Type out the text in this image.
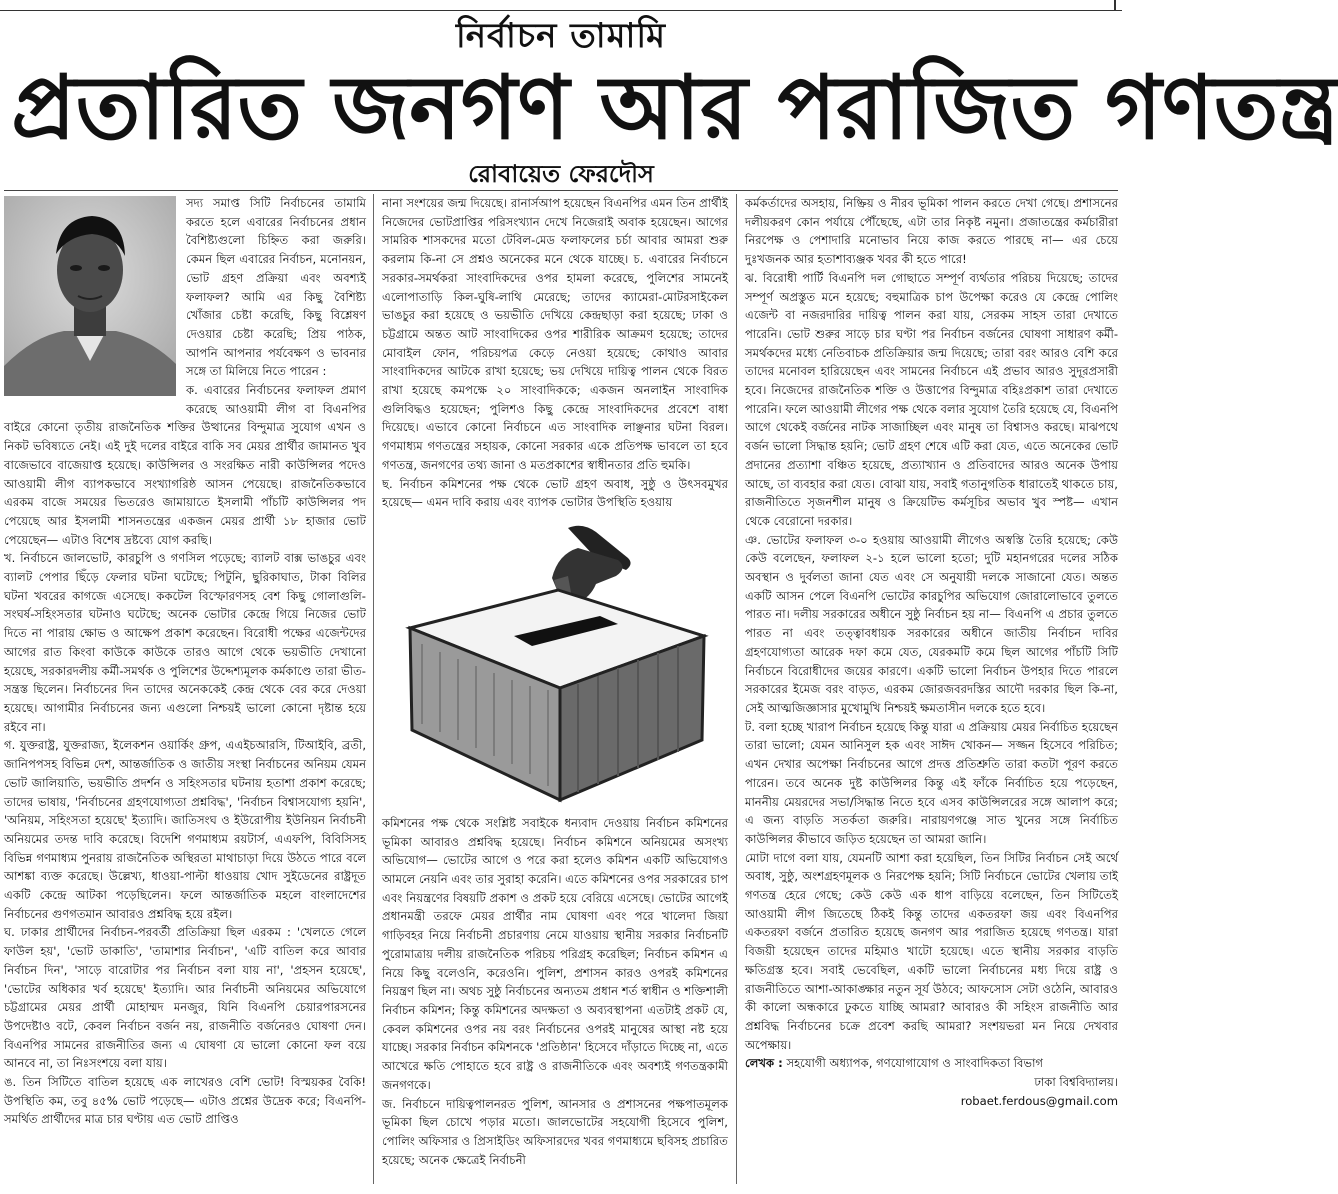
নির্বাচন তামামি
প্রতারিত জনগণ আর পরাজিত গণতন্ত্র
রোবায়েত ফেরদৌস

সদ্য সমাপ্ত সিটি নির্বাচনের তামামি করতে হলে এবারের নির্বাচনের প্রধান বৈশিষ্ট্যগুলো চিহ্নিত করা জরুরি। কেমন ছিল এবারের নির্বাচন, মনোনয়ন, ভোট গ্রহণ প্রক্রিয়া এবং অবশ্যই ফলাফল? আমি এর কিছু বৈশিষ্ট্য খোঁজার চেষ্টা করেছি, কিছু বিশ্লেষণ দেওয়ার চেষ্টা করেছি; প্রিয় পাঠক, আপনি আপনার পর্যবেক্ষণ ও ভাবনার সঙ্গে তা মিলিয়ে নিতে পারেন :

ক. এবারের নির্বাচনের ফলাফল প্রমাণ করেছে আওয়ামী লীগ বা বিএনপির বাইরে কোনো তৃতীয় রাজনৈতিক শক্তির উত্থানের বিন্দুমাত্র সুযোগ এখন ও নিকট ভবিষ্যতে নেই। এই দুই দলের বাইরে বাকি সব মেয়র প্রার্থীর জামানত খুব বাজেভাবে বাজেয়াপ্ত হয়েছে। কাউন্সিলর ও সংরক্ষিত নারী কাউন্সিলর পদেও আওয়ামী লীগ ব্যাপকভাবে সংখ্যাগরিষ্ঠ আসন পেয়েছে। রাজনৈতিকভাবে এরকম বাজে সময়ের ভিতরেও জামায়াতে ইসলামী পাঁচটি কাউন্সিলর পদ পেয়েছে আর ইসলামী শাসনতন্ত্রের একজন মেয়র প্রার্থী ১৮ হাজার ভোট পেয়েছেন— এটাও বিশেষ দ্রষ্টব্যে যোগ করছি।

খ. নির্বাচনে জালভোট, কারচুপি ও গণসিল পড়েছে; ব্যালট বাক্স ভাঙচুর এবং ব্যালট পেপার ছিঁড়ে ফেলার ঘটনা ঘটেছে; পিটুনি, ছুরিকাঘাত, টাকা বিলির ঘটনা খবরের কাগজে এসেছে। ককটেল বিস্ফোরণসহ বেশ কিছু গোলাগুলি-সংঘর্ষ-সহিংসতার ঘটনাও ঘটেছে; অনেক ভোটার কেন্দ্রে গিয়ে নিজের ভোট দিতে না পারায় ক্ষোভ ও আক্ষেপ প্রকাশ করেছেন। বিরোধী পক্ষের এজেন্টদের আগের রাত কিংবা কাউকে কাউকে তারও আগে থেকে ভয়ভীতি দেখানো হয়েছে, সরকারদলীয় কর্মী-সমর্থক ও পুলিশের উদ্দেশ্যমূলক কর্মকাণ্ডে তারা ভীত-সন্ত্রস্ত ছিলেন। নির্বাচনের দিন তাদের অনেককেই কেন্দ্র থেকে বের করে দেওয়া হয়েছে। আগামীর নির্বাচনের জন্য এগুলো নিশ্চয়ই ভালো কোনো দৃষ্টান্ত হয়ে রইবে না।

গ. যুক্তরাষ্ট্র, যুক্তরাজ্য, ইলেকশন ওয়ার্কিং গ্রুপ, এএইচআরসি, টিআইবি, ব্রতী, জানিপপসহ বিভিন্ন দেশ, আন্তর্জাতিক ও জাতীয় সংস্থা নির্বাচনের অনিয়ম যেমন ভোট জালিয়াতি, ভয়ভীতি প্রদর্শন ও সহিংসতার ঘটনায় হতাশা প্রকাশ করেছে; তাদের ভাষায়, 'নির্বাচনের গ্রহণযোগ্যতা প্রশ্নবিদ্ধ', 'নির্বাচন বিশ্বাসযোগ্য হয়নি', 'অনিয়ম, সহিংসতা হয়েছে' ইত্যাদি। জাতিসংঘ ও ইউরোপীয় ইউনিয়ন নির্বাচনী অনিয়মের তদন্ত দাবি করেছে। বিদেশি গণমাধ্যম রয়টার্স, এএফপি, বিবিসিসহ বিভিন্ন গণমাধ্যম পুনরায় রাজনৈতিক অস্থিরতা মাথাচাড়া দিয়ে উঠতে পারে বলে আশঙ্কা ব্যক্ত করেছে। উল্লেখ্য, ধাওয়া-পাল্টা ধাওয়ায় খোদ সুইডেনের রাষ্ট্রদূত একটি কেন্দ্রে আটকা পড়েছিলেন। ফলে আন্তর্জাতিক মহলে বাংলাদেশের নির্বাচনের গুণগতমান আবারও প্রশ্নবিদ্ধ হয়ে রইল।

ঘ. ঢাকার প্রার্থীদের নির্বাচন-পরবর্তী প্রতিক্রিয়া ছিল এরকম : 'খেলতে গেলে ফাউল হয়', 'ভোট ডাকাতি', 'তামাশার নির্বাচন', 'এটি বাতিল করে আবার নির্বাচন দিন', 'সাড়ে বারোটার পর নির্বাচন বলা যায় না', 'প্রহসন হয়েছে', 'ভোটের অধিকার খর্ব হয়েছে' ইত্যাদি। আর নির্বাচনী অনিয়মের অভিযোগে চট্টগ্রামের মেয়র প্রার্থী মোহাম্মদ মনজুর, যিনি বিএনপি চেয়ারপারসনের উপদেষ্টাও বটে, কেবল নির্বাচন বর্জন নয়, রাজনীতি বর্জনেরও ঘোষণা দেন। বিএনপির সামনের রাজনীতির জন্য এ ঘোষণা যে ভালো কোনো ফল বয়ে আনবে না, তা নিঃসংশয়ে বলা যায়।

ঙ. তিন সিটিতে বাতিল হয়েছে এক লাখেরও বেশি ভোট! বিস্ময়কর বৈকি! উপস্থিতি কম, তবু ৪৫% ভোট পড়েছে— এটাও প্রশ্নের উদ্রেক করে; বিএনপি-সমর্থিত প্রার্থীদের মাত্র চার ঘণ্টায় এত ভোট প্রাপ্তিও

নানা সংশয়ের জন্ম দিয়েছে। রানার্সআপ হয়েছেন বিএনপির এমন তিন প্রার্থীই নিজেদের ভোটপ্রাপ্তির পরিসংখ্যান দেখে নিজেরাই অবাক হয়েছেন। আগের সামরিক শাসকদের মতো টেবিল-মেড ফলাফলের চর্চা আবার আমরা শুরু করলাম কি-না সে প্রশ্নও অনেকের মনে থেকে যাচ্ছে। চ. এবারের নির্বাচনে সরকার-সমর্থকরা সাংবাদিকদের ওপর হামলা করেছে, পুলিশের সামনেই এলোপাতাড়ি কিল-ঘুষি-লাথি মেরেছে; তাদের ক্যামেরা-মোটরসাইকেল ভাঙচুর করা হয়েছে ও ভয়ভীতি দেখিয়ে কেন্দ্রছাড়া করা হয়েছে; ঢাকা ও চট্টগ্রামে অন্তত আট সাংবাদিকের ওপর শারীরিক আক্রমণ হয়েছে; তাদের মোবাইল ফোন, পরিচয়পত্র কেড়ে নেওয়া হয়েছে; কোথাও আবার সাংবাদিকদের আটকে রাখা হয়েছে; ভয় দেখিয়ে দায়িত্ব পালন থেকে বিরত রাখা হয়েছে কমপক্ষে ২০ সাংবাদিককে; একজন অনলাইন সাংবাদিক গুলিবিদ্ধও হয়েছেন; পুলিশও কিছু কেন্দ্রে সাংবাদিকদের প্রবেশে বাধা দিয়েছে। এভাবে কোনো নির্বাচনে এত সাংবাদিক লাঞ্ছনার ঘটনা বিরল। গণমাধ্যম গণতন্ত্রের সহায়ক, কোনো সরকার একে প্রতিপক্ষ ভাবলে তা হবে গণতন্ত্র, জনগণের তথ্য জানা ও মতপ্রকাশের স্বাধীনতার প্রতি হুমকি।

ছ. নির্বাচন কমিশনের পক্ষ থেকে ভোট গ্রহণ অবাধ, সুষ্ঠু ও উৎসবমুখর হয়েছে— এমন দাবি করায় এবং ব্যাপক ভোটার উপস্থিতি হওয়ায়

কমিশনের পক্ষ থেকে সংশ্লিষ্ট সবাইকে ধন্যবাদ দেওয়ায় নির্বাচন কমিশনের ভূমিকা আবারও প্রশ্নবিদ্ধ হয়েছে। নির্বাচন কমিশনে অনিয়মের অসংখ্য অভিযোগ— ভোটের আগে ও পরে করা হলেও কমিশন একটি অভিযোগও আমলে নেয়নি এবং তার সুরাহা করেনি। এতে কমিশনের ওপর সরকারের চাপ এবং নিয়ন্ত্রণের বিষয়টি প্রকাশ ও প্রকট হয়ে বেরিয়ে এসেছে। ভোটের আগেই প্রধানমন্ত্রী তরফে মেয়র প্রার্থীর নাম ঘোষণা এবং পরে খালেদা জিয়া গাড়িবহর নিয়ে নির্বাচনী প্রচারণায় নেমে যাওয়ায় স্থানীয় সরকার নির্বাচনটি পুরোমাত্রায় দলীয় রাজনৈতিক পরিচয় পরিগ্রহ করেছিল; নির্বাচন কমিশন এ নিয়ে কিছু বলেওনি, করেওনি। পুলিশ, প্রশাসন কারও ওপরই কমিশনের নিয়ন্ত্রণ ছিল না। অথচ সুষ্ঠু নির্বাচনের অন্যতম প্রধান শর্ত স্বাধীন ও শক্তিশালী নির্বাচন কমিশন; কিন্তু কমিশনের অদক্ষতা ও অব্যবস্থাপনা এতটাই প্রকট যে, কেবল কমিশনের ওপর নয় বরং নির্বাচনের ওপরই মানুষের আস্থা নষ্ট হয়ে যাচ্ছে। সরকার নির্বাচন কমিশনকে 'প্রতিষ্ঠান' হিসেবে দাঁড়াতে দিচ্ছে না, এতে আখেরে ক্ষতি পোহাতে হবে রাষ্ট্র ও রাজনীতিকে এবং অবশ্যই গণতন্ত্রকামী জনগণকে।

জ. নির্বাচনে দায়িত্বপালনরত পুলিশ, আনসার ও প্রশাসনের পক্ষপাতমূলক ভূমিকা ছিল চোখে পড়ার মতো। জালভোটের সহযোগী হিসেবে পুলিশ, পোলিং অফিসার ও প্রিসাইডিং অফিসারদের খবর গণমাধ্যমে ছবিসহ প্রচারিত হয়েছে; অনেক ক্ষেত্রেই নির্বাচনী

কর্মকর্তাদের অসহায়, নিষ্ক্রিয় ও নীরব ভূমিকা পালন করতে দেখা গেছে। প্রশাসনের দলীয়করণ কোন পর্যায়ে পৌঁছেছে, এটা তার নিকৃষ্ট নমুনা। প্রজাতন্ত্রের কর্মচারীরা নিরপেক্ষ ও পেশাদারি মনোভাব নিয়ে কাজ করতে পারছে না— এর চেয়ে দুঃখজনক আর হতাশাব্যঞ্জক খবর কী হতে পারে!

ঝ. বিরোধী পার্টি বিএনপি দল গোছাতে সম্পূর্ণ ব্যর্থতার পরিচয় দিয়েছে; তাদের সম্পূর্ণ অপ্রস্তুত মনে হয়েছে; বহুমাত্রিক চাপ উপেক্ষা করেও যে কেন্দ্রে পোলিং এজেন্ট বা নজরদারির দায়িত্ব পালন করা যায়, সেরকম সাহস তারা দেখাতে পারেনি। ভোট শুরুর সাড়ে চার ঘণ্টা পর নির্বাচন বর্জনের ঘোষণা সাধারণ কর্মী-সমর্থকদের মধ্যে নেতিবাচক প্রতিক্রিয়ার জন্ম দিয়েছে; তারা বরং আরও বেশি করে তাদের মনোবল হারিয়েছেন এবং সামনের নির্বাচনে এই প্রভাব আরও সুদূরপ্রসারী হবে। নিজেদের রাজনৈতিক শক্তি ও উত্তাপের বিন্দুমাত্র বহিঃপ্রকাশ তারা দেখাতে পারেনি। ফলে আওয়ামী লীগের পক্ষ থেকে বলার সুযোগ তৈরি হয়েছে যে, বিএনপি আগে থেকেই বর্জনের নাটক সাজাচ্ছিল এবং মানুষ তা বিশ্বাসও করছে। মাঝপথে বর্জন ভালো সিদ্ধান্ত হয়নি; ভোট গ্রহণ শেষে এটি করা যেত, এতে অনেকের ভোট প্রদানের প্রত্যাশা বঞ্চিত হয়েছে, প্রত্যাখ্যান ও প্রতিবাদের আরও অনেক উপায় আছে, তা ব্যবহার করা যেত। বোঝা যায়, সবাই গতানুগতিক ধারাতেই থাকতে চায়, রাজনীতিতে সৃজনশীল মানুষ ও ক্রিয়েটিভ কর্মসূচির অভাব খুব স্পষ্ট— এখান থেকে বেরোনো দরকার।

ঞ. ভোটের ফলাফল ৩-০ হওয়ায় আওয়ামী লীগেও অস্বস্তি তৈরি হয়েছে; কেউ কেউ বলেছেন, ফলাফল ২-১ হলে ভালো হতো; দুটি মহানগরের দলের সঠিক অবস্থান ও দুর্বলতা জানা যেত এবং সে অনুযায়ী দলকে সাজানো যেত। অন্তত একটি আসন পেলে বিএনপি ভোটের কারচুপির অভিযোগ জোরালোভাবে তুলতে পারত না। দলীয় সরকারের অধীনে সুষ্ঠু নির্বাচন হয় না— বিএনপি এ প্রচার তুলতে পারত না এবং তত্ত্বাবধায়ক সরকারের অধীনে জাতীয় নির্বাচন দাবির গ্রহণযোগ্যতা আরেক দফা কমে যেত, যেরকমটি কমে ছিল আগের পাঁচটি সিটি নির্বাচনে বিরোধীদের জয়ের কারণে। একটি ভালো নির্বাচন উপহার দিতে পারলে সরকারের ইমেজ বরং বাড়ত, এরকম জোরজবরদস্তির আদৌ দরকার ছিল কি-না, সেই আত্মজিজ্ঞাসার মুখোমুখি নিশ্চয়ই ক্ষমতাসীন দলকে হতে হবে।

ট. বলা হচ্ছে খারাপ নির্বাচন হয়েছে কিন্তু যারা এ প্রক্রিয়ায় মেয়র নির্বাচিত হয়েছেন তারা ভালো; যেমন আনিসুল হক এবং সাঈদ খোকন— সজ্জন হিসেবে পরিচিত; এখন দেখার অপেক্ষা নির্বাচনের আগে প্রদত্ত প্রতিশ্রুতি তারা কতটা পূরণ করতে পারেন। তবে অনেক দুষ্ট কাউন্সিলর কিন্তু এই ফাঁকে নির্বাচিত হয়ে পড়েছেন, মাননীয় মেয়রদের সভা/সিদ্ধান্ত নিতে হবে এসব কাউন্সিলরের সঙ্গে আলাপ করে; এ জন্য বাড়তি সতর্কতা জরুরি। নারায়ণগঞ্জে সাত খুনের সঙ্গে নির্বাচিত কাউন্সিলর কীভাবে জড়িত হয়েছেন তা আমরা জানি।

মোটা দাগে বলা যায়, যেমনটি আশা করা হয়েছিল, তিন সিটির নির্বাচন সেই অর্থে অবাধ, সুষ্ঠু, অংশগ্রহণমূলক ও নিরপেক্ষ হয়নি; সিটি নির্বাচনে ভোটের খেলায় তাই গণতন্ত্র হেরে গেছে; কেউ কেউ এক ধাপ বাড়িয়ে বলেছেন, তিন সিটিতেই আওয়ামী লীগ জিতেছে ঠিকই কিন্তু তাদের একতরফা জয় এবং বিএনপির একতরফা বর্জনে প্রতারিত হয়েছে জনগণ আর পরাজিত হয়েছে গণতন্ত্র। যারা বিজয়ী হয়েছেন তাদের মহিমাও খাটো হয়েছে। এতে স্থানীয় সরকার বাড়তি ক্ষতিগ্রস্ত হবে। সবাই ভেবেছিল, একটি ভালো নির্বাচনের মধ্য দিয়ে রাষ্ট্র ও রাজনীতিতে আশা-আকাঙ্ক্ষার নতুন সূর্য উঠবে; আফসোস সেটা ওঠেনি, আবারও কী কালো অন্ধকারে ঢুকতে যাচ্ছি আমরা? আবারও কী সহিংস রাজনীতি আর প্রশ্নবিদ্ধ নির্বাচনের চক্রে প্রবেশ করছি আমরা? সংশয়ভরা মন নিয়ে দেখবার অপেক্ষায়।

লেখক : সহযোগী অধ্যাপক, গণযোগাযোগ ও সাংবাদিকতা বিভাগ

ঢাকা বিশ্ববিদ্যালয়।

robaet.ferdous@gmail.com
